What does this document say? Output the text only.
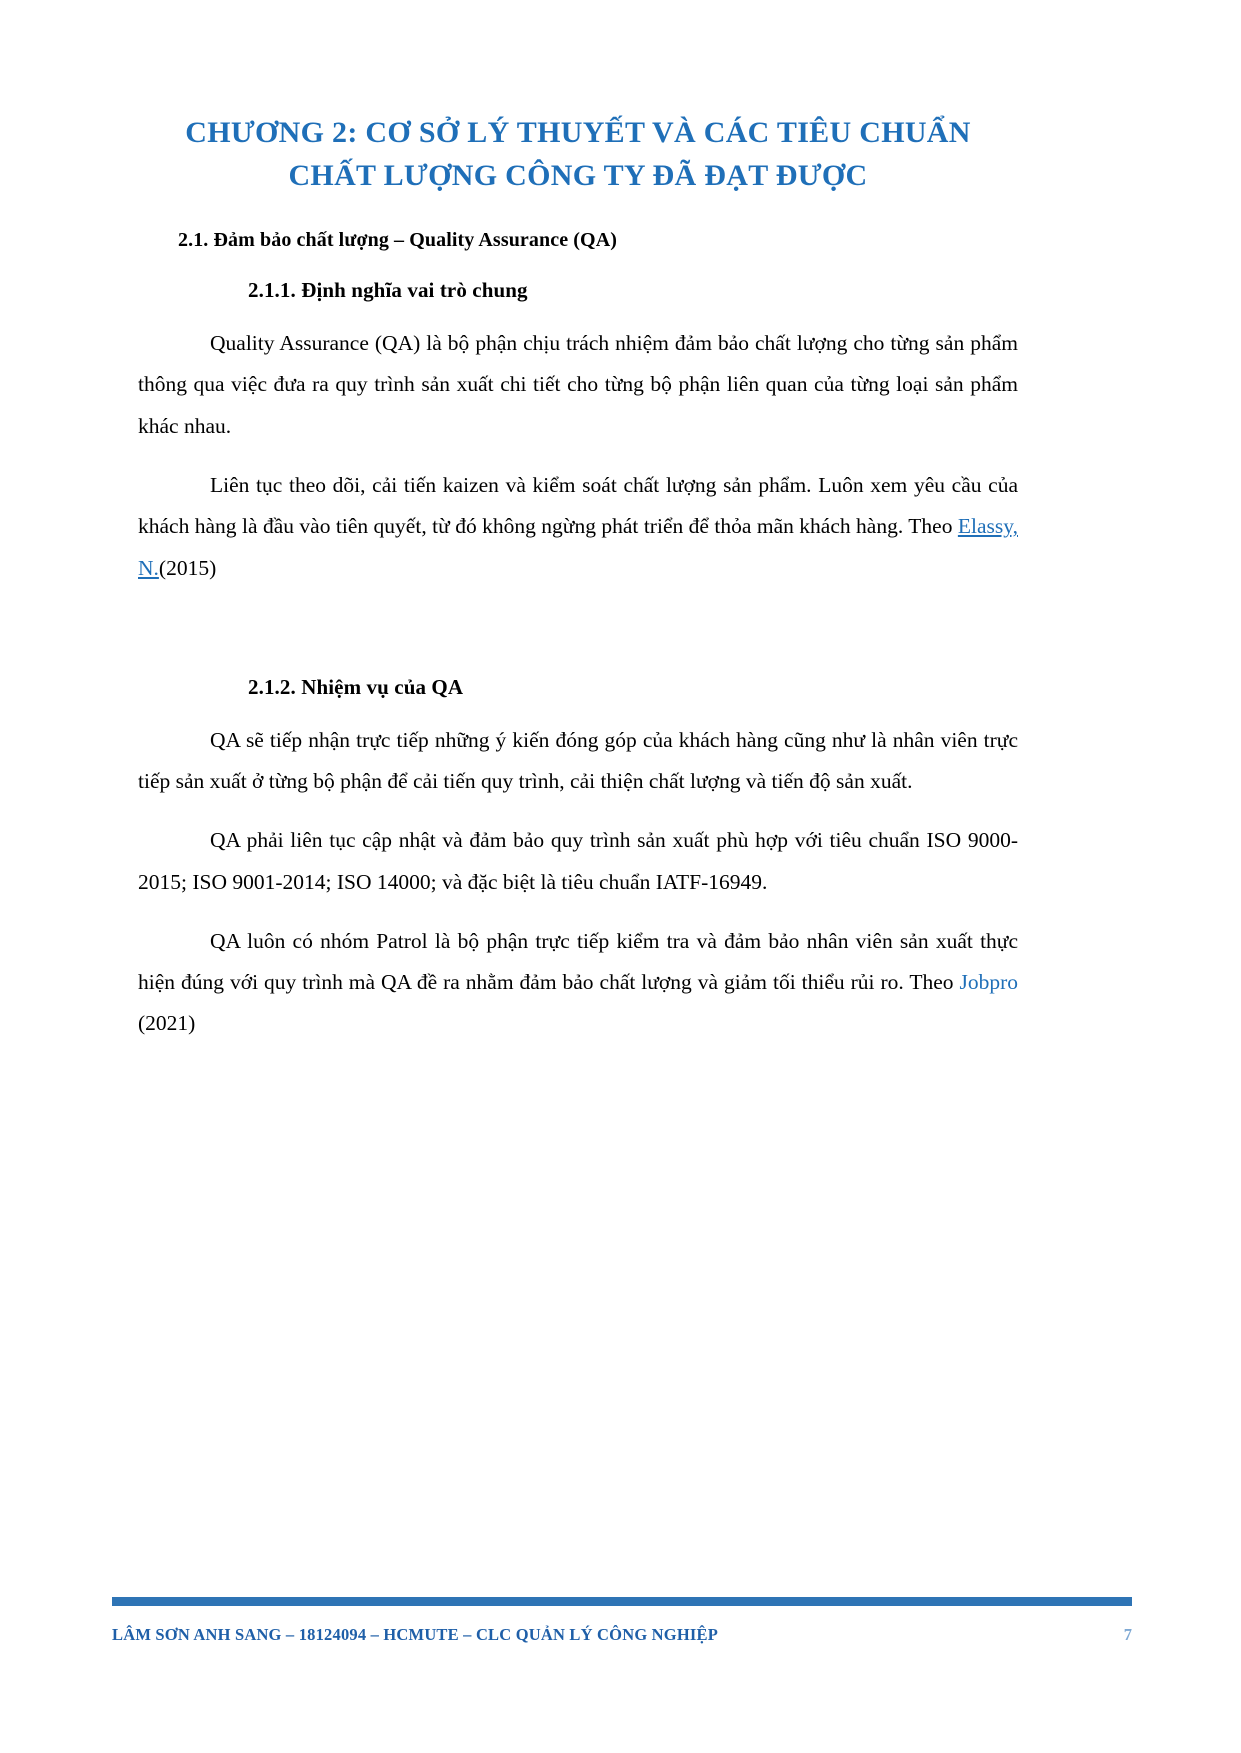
CHƯƠNG 2: CƠ SỞ LÝ THUYẾT VÀ CÁC TIÊU CHUẨN
CHẤT LƯỢNG CÔNG TY ĐÃ ĐẠT ĐƯỢC
2.1. Đảm bảo chất lượng – Quality Assurance (QA)
2.1.1. Định nghĩa vai trò chung

Quality Assurance (QA) là bộ phận chịu trách nhiệm đảm bảo chất lượng cho từng sản phẩm thông qua việc đưa ra quy trình sản xuất chi tiết cho từng bộ phận liên quan của từng loại sản phẩm khác nhau.

Liên tục theo dõi, cải tiến kaizen và kiểm soát chất lượng sản phẩm. Luôn xem yêu cầu của khách hàng là đầu vào tiên quyết, từ đó không ngừng phát triển để thỏa mãn khách hàng. Theo Elassy, N.(2015)

2.1.2. Nhiệm vụ của QA

QA sẽ tiếp nhận trực tiếp những ý kiến đóng góp của khách hàng cũng như là nhân viên trực tiếp sản xuất ở từng bộ phận để cải tiến quy trình, cải thiện chất lượng và tiến độ sản xuất.

QA phải liên tục cập nhật và đảm bảo quy trình sản xuất phù hợp với tiêu chuẩn ISO 9000-2015; ISO 9001-2014; ISO 14000; và đặc biệt là tiêu chuẩn IATF-16949.

QA luôn có nhóm Patrol là bộ phận trực tiếp kiểm tra và đảm bảo nhân viên sản xuất thực hiện đúng với quy trình mà QA đề ra nhằm đảm bảo chất lượng và giảm tối thiểu rủi ro. Theo Jobpro (2021)

LÂM SƠN ANH SANG – 18124094 – HCMUTE – CLC QUẢN LÝ CÔNG NGHIỆP	7
